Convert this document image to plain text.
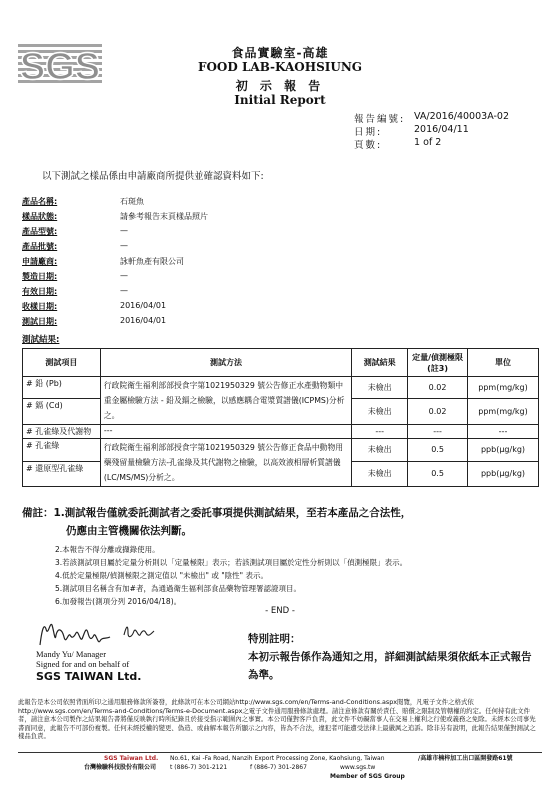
SGS	食品實驗室-高雄
FOOD LAB-KAOHSIUNG
初 示 報 告
Initial Report
報告編號: VA/2016/40003A-02
日期:	2016/04/11
頁數:	1 of 2
以下測試之樣品係由申請廠商所提供並確認資料如下:
產品名稱:	石斑魚
樣品狀態:	請參考報告末頁樣品照片
產品型號:	—
產品批號:	—
申請廠商:	詠軒魚產有限公司
製造日期:	—
有效日期:	—
收樣日期:	2016/04/01
測試日期:	2016/04/01
測試結果:
測試項目	測試方法	測試結果	定量/偵測極限(註3)	單位
# 鉛 (Pb)	行政院衛生福利部部授食字第1021950329 號公告修正水產動物類中重金屬檢驗方法 - 鉛及鎘之檢驗，以感應耦合電漿質譜儀(ICPMS)分析之。	未檢出	0.02	ppm(mg/kg)
# 鎘 (Cd)		未檢出	0.02	ppm(mg/kg)
# 孔雀綠及代謝物	---	---	---	---
# 孔雀綠	行政院衛生福利部部授食字第1021950329 號公告修正食品中動物用藥殘留量檢驗方法-孔雀綠及其代謝物之檢驗，以高效液相層析質譜儀(LC/MS/MS)分析之。	未檢出	0.5	ppb(μg/kg)
# 還原型孔雀綠		未檢出	0.5	ppb(μg/kg)
備註：1.測試報告僅就委託測試者之委託事項提供測試結果，至若本產品之合法性，
仍應由主管機關依法判斷。
2.本報告不得分離或擷錄使用。
3.若該測試項目屬於定量分析則以「定量極限」表示；若該測試項目屬於定性分析則以「偵測極限」表示。
4.低於定量極限/偵測極限之測定值以 "未檢出" 或 "陰性" 表示。
5.測試項目名稱含有加#者，為通過衛生福利部食品藥物管理署認證項目。
6.加發報告(測項分列 2016/04/18)。
- END -
Mandy Yu/ Manager
Signed for and on behalf of
SGS TAIWAN Ltd.
特別註明：
本初示報告係作為通知之用，詳細測試結果須依紙本正式報告為準。
此報告是本公司依照背面所印之通用服務條款所簽發，此條款可在本公司網站http://www.sgs.com/en/Terms-and-Conditions.aspx閱覽，凡電子文件之格式依http://www.sgs.com/en/Terms-and-Conditions/Terms-e-Document.aspx之電子文件通用服務條款處理。請注意條款有關於責任、賠償之限制及管轄權的約定。任何持有此文件者，請注意本公司製作之結果報告書將僅反映執行時所紀錄且於接受指示範圍內之事實。本公司僅對客戶負責，此文件不妨礙當事人在交易上權利之行使或義務之免除。未經本公司事先書面同意，此報告不可部份複製。任何未經授權的變更、偽造、或曲解本報告所顯示之內容，皆為不合法，違犯者可能遭受法律上最嚴厲之追訴。除非另有說明，此報告結果僅對測試之樣品負責。
SGS Taiwan Ltd.
台灣檢驗科技股份有限公司
No.61, Kai -Fa Road, Nanzih Export Processing Zone, Kaohsiung, Taiwan	/高雄市楠梓加工出口區開發路61號
t (886-7) 301-2121	f (886-7) 301-2867	www.sgs.tw
Member of SGS Group
